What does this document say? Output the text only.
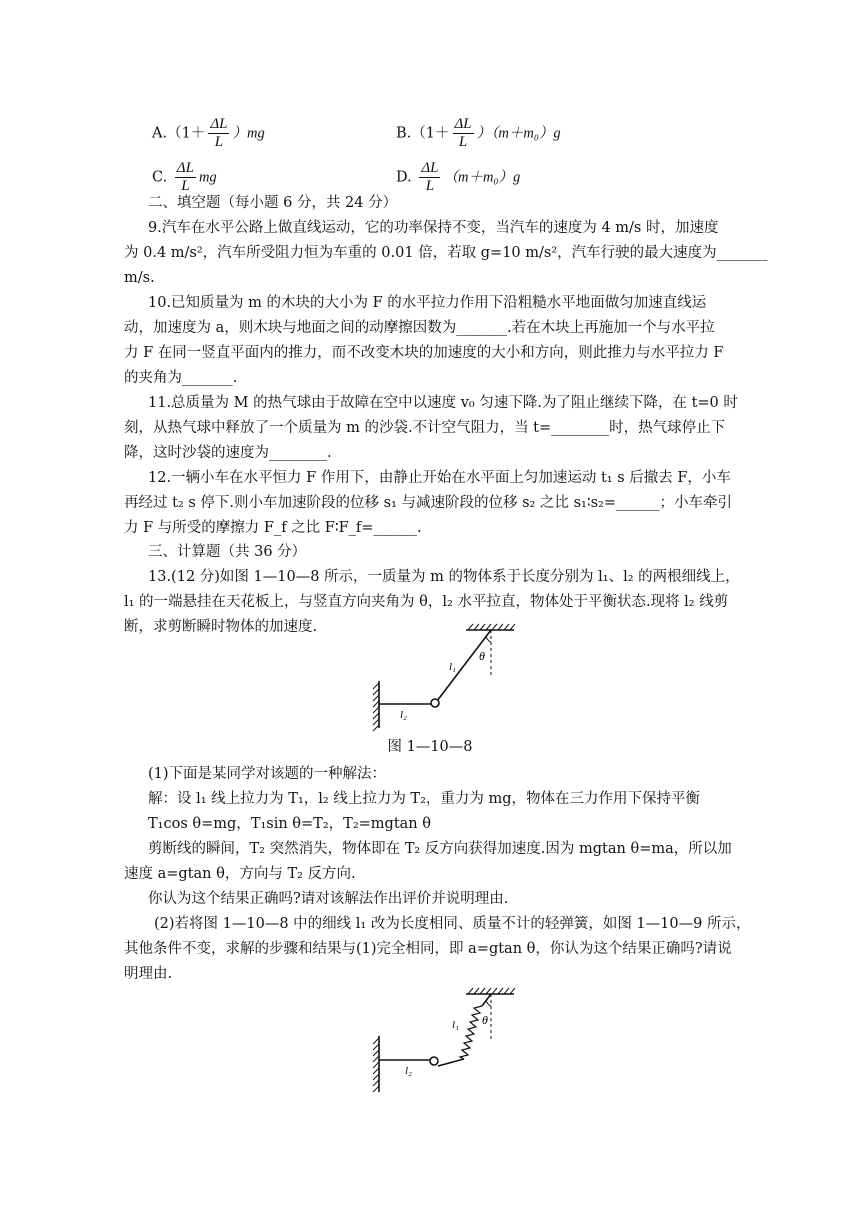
$A.(1+ \frac{\Delta L}{L} )mg$	$B.(1+ \frac{\Delta L}{L} )(m+m_0)g$
C. $\frac{\Delta L}{L}$ mg	D. $\frac{\Delta L}{L} (m+m_0)g$
二、填空题（每小题 6 分，共 24 分）
9.汽车在水平公路上做直线运动，它的功率保持不变，当汽车的速度为 4 m/s 时，加速度
为 0.4 m/s²，汽车所受阻力恒为车重的 0.01 倍，若取 g=10 m/s²，汽车行驶的最大速度为_______
m/s.
10.已知质量为 m 的木块的大小为 F 的水平拉力作用下沿粗糙水平地面做匀加速直线运
动，加速度为 a，则木块与地面之间的动摩擦因数为_______.若在木块上再施加一个与水平拉
力 F 在同一竖直平面内的推力，而不改变木块的加速度的大小和方向，则此推力与水平拉力 F
的夹角为_______.
11.总质量为 M 的热气球由于故障在空中以速度 v₀ 匀速下降.为了阻止继续下降，在 t=0 时
刻，从热气球中释放了一个质量为 m 的沙袋.不计空气阻力，当 t=________时，热气球停止下
降，这时沙袋的速度为________.
12.一辆小车在水平恒力 F 作用下，由静止开始在水平面上匀加速运动 t₁ s 后撤去 F，小车
再经过 t₂ s 停下.则小车加速阶段的位移 s₁ 与减速阶段的位移 s₂ 之比 s₁∶s₂=______；小车牵引
力 F 与所受的摩擦力 F_f 之比 F∶F_f=______.
三、计算题（共 36 分）
13.(12 分)如图 1—10—8 所示，一质量为 m 的物体系于长度分别为 l₁、l₂ 的两根细线上，
l₁ 的一端悬挂在天花板上，与竖直方向夹角为 θ，l₂ 水平拉直，物体处于平衡状态.现将 l₂ 线剪
断，求剪断瞬时物体的加速度.
θ
l₁
l₂
图 1—10—8
(1)下面是某同学对该题的一种解法：
解：设 l₁ 线上拉力为 T₁，l₂ 线上拉力为 T₂，重力为 mg，物体在三力作用下保持平衡
T₁cos θ=mg，T₁sin θ=T₂，T₂=mgtan θ
剪断线的瞬间，T₂ 突然消失，物体即在 T₂ 反方向获得加速度.因为 mgtan θ=ma，所以加
速度 a=gtan θ，方向与 T₂ 反方向.
你认为这个结果正确吗?请对该解法作出评价并说明理由.
(2)若将图 1—10—8 中的细线 l₁ 改为长度相同、质量不计的轻弹簧，如图 1—10—9 所示，
其他条件不变，求解的步骤和结果与(1)完全相同，即 a=gtan θ，你认为这个结果正确吗?请说
明理由.
θ
l₁
l₂
